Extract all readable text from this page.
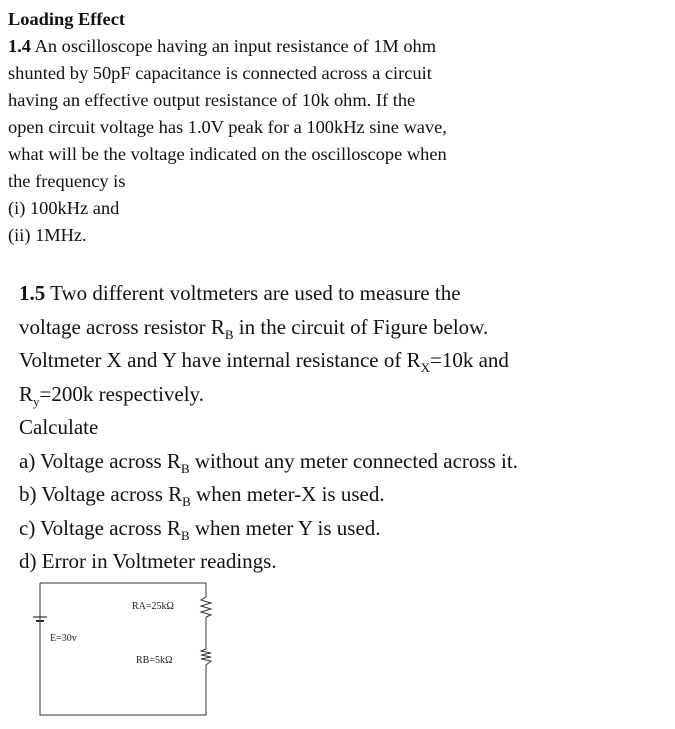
Loading Effect
1.4 An oscilloscope having an input resistance of 1M ohm
shunted by 50pF capacitance is connected across a circuit
having an effective output resistance of 10k ohm. If the
open circuit voltage has 1.0V peak for a 100kHz sine wave,
what will be the voltage indicated on the oscilloscope when
the frequency is
(i) 100kHz and
(ii) 1MHz.
1.5 Two different voltmeters are used to measure the
voltage across resistor $R_B$ in the circuit of Figure below.
Voltmeter X and Y have internal resistance of $R_X=10k$ and
$R_y=200k$ respectively.
Calculate
a) Voltage across $R_B$ without any meter connected across it.
b) Voltage across $R_B$ when meter-X is used.
c) Voltage across $R_B$ when meter Y is used.
d) Error in Voltmeter readings.
E=30v
RA=25kΩ
RB=5kΩ
